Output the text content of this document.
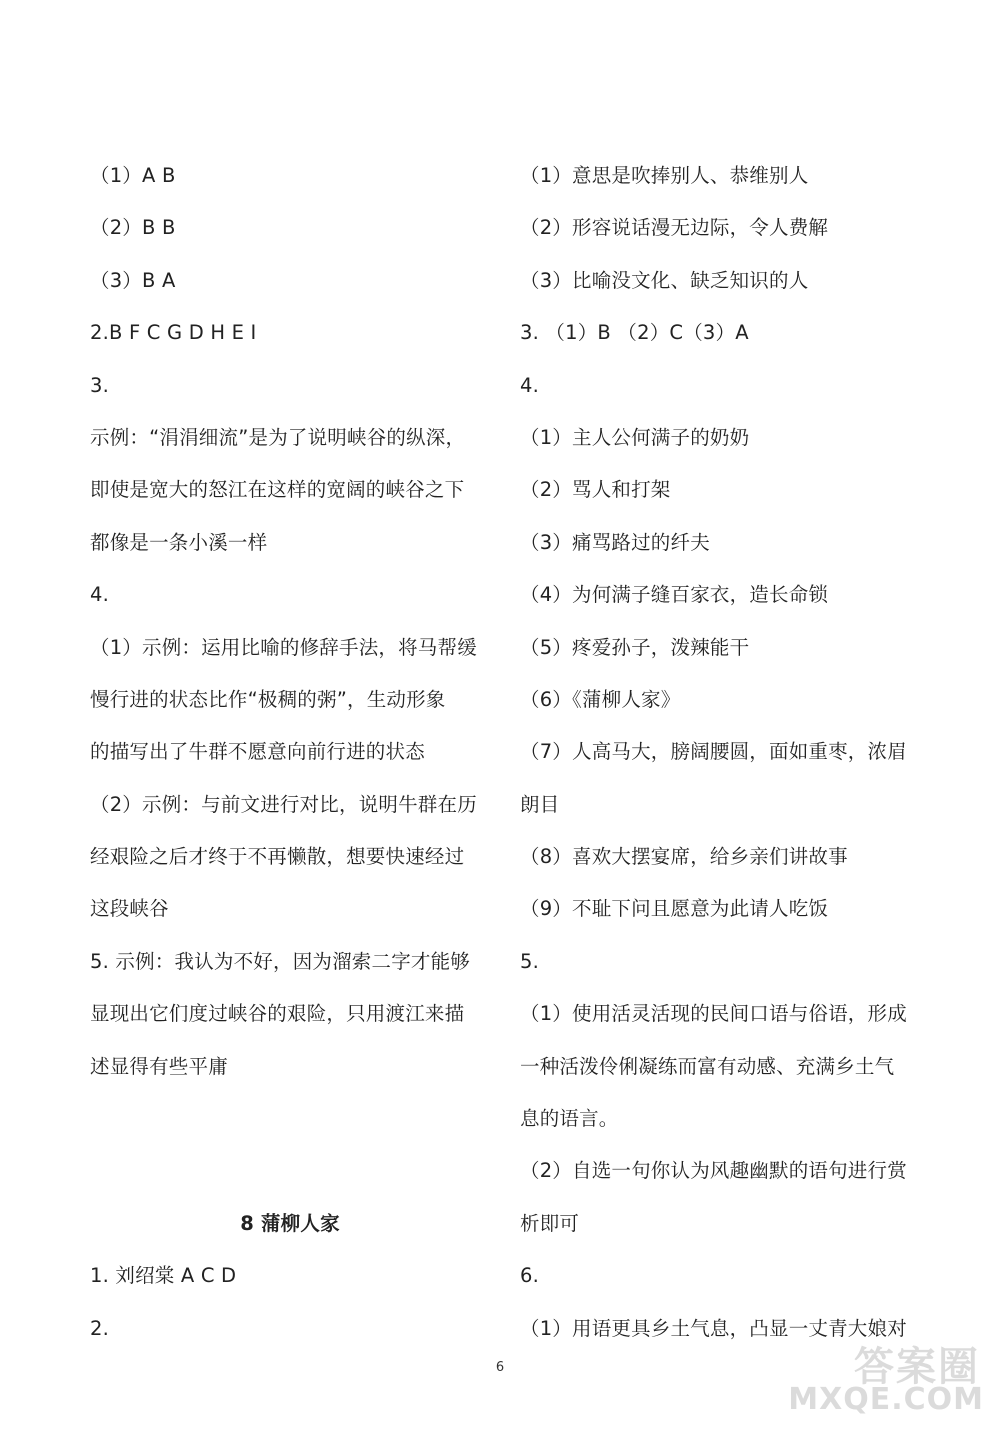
（1）A B
（2）B B
（3）B A
2.B F C G D H E I
3.
示例：“涓涓细流”是为了说明峡谷的纵深，
即使是宽大的怒江在这样的宽阔的峡谷之下
都像是一条小溪一样
4.
（1）示例：运用比喻的修辞手法，将马帮缓
慢行进的状态比作“极稠的粥”，生动形象
的描写出了牛群不愿意向前行进的状态
（2）示例：与前文进行对比，说明牛群在历
经艰险之后才终于不再懒散，想要快速经过
这段峡谷
5. 示例：我认为不好，因为溜索二字才能够
显现出它们度过峡谷的艰险，只用渡江来描
述显得有些平庸
8 蒲柳人家
1. 刘绍棠 A C D
2.
（1）意思是吹捧别人、恭维别人
（2）形容说话漫无边际，令人费解
（3）比喻没文化、缺乏知识的人
3. （1）B （2）C（3）A
4.
（1）主人公何满子的奶奶
（2）骂人和打架
（3）痛骂路过的纤夫
（4）为何满子缝百家衣，造长命锁
（5）疼爱孙子，泼辣能干
（6）《蒲柳人家》
（7）人高马大，膀阔腰圆，面如重枣，浓眉
朗目
（8）喜欢大摆宴席，给乡亲们讲故事
（9）不耻下问且愿意为此请人吃饭
5.
（1）使用活灵活现的民间口语与俗语，形成
一种活泼伶俐凝练而富有动感、充满乡土气
息的语言。
（2）自选一句你认为风趣幽默的语句进行赏
析即可
6.
（1）用语更具乡土气息，凸显一丈青大娘对
6	答案圈
MXQE.COM
